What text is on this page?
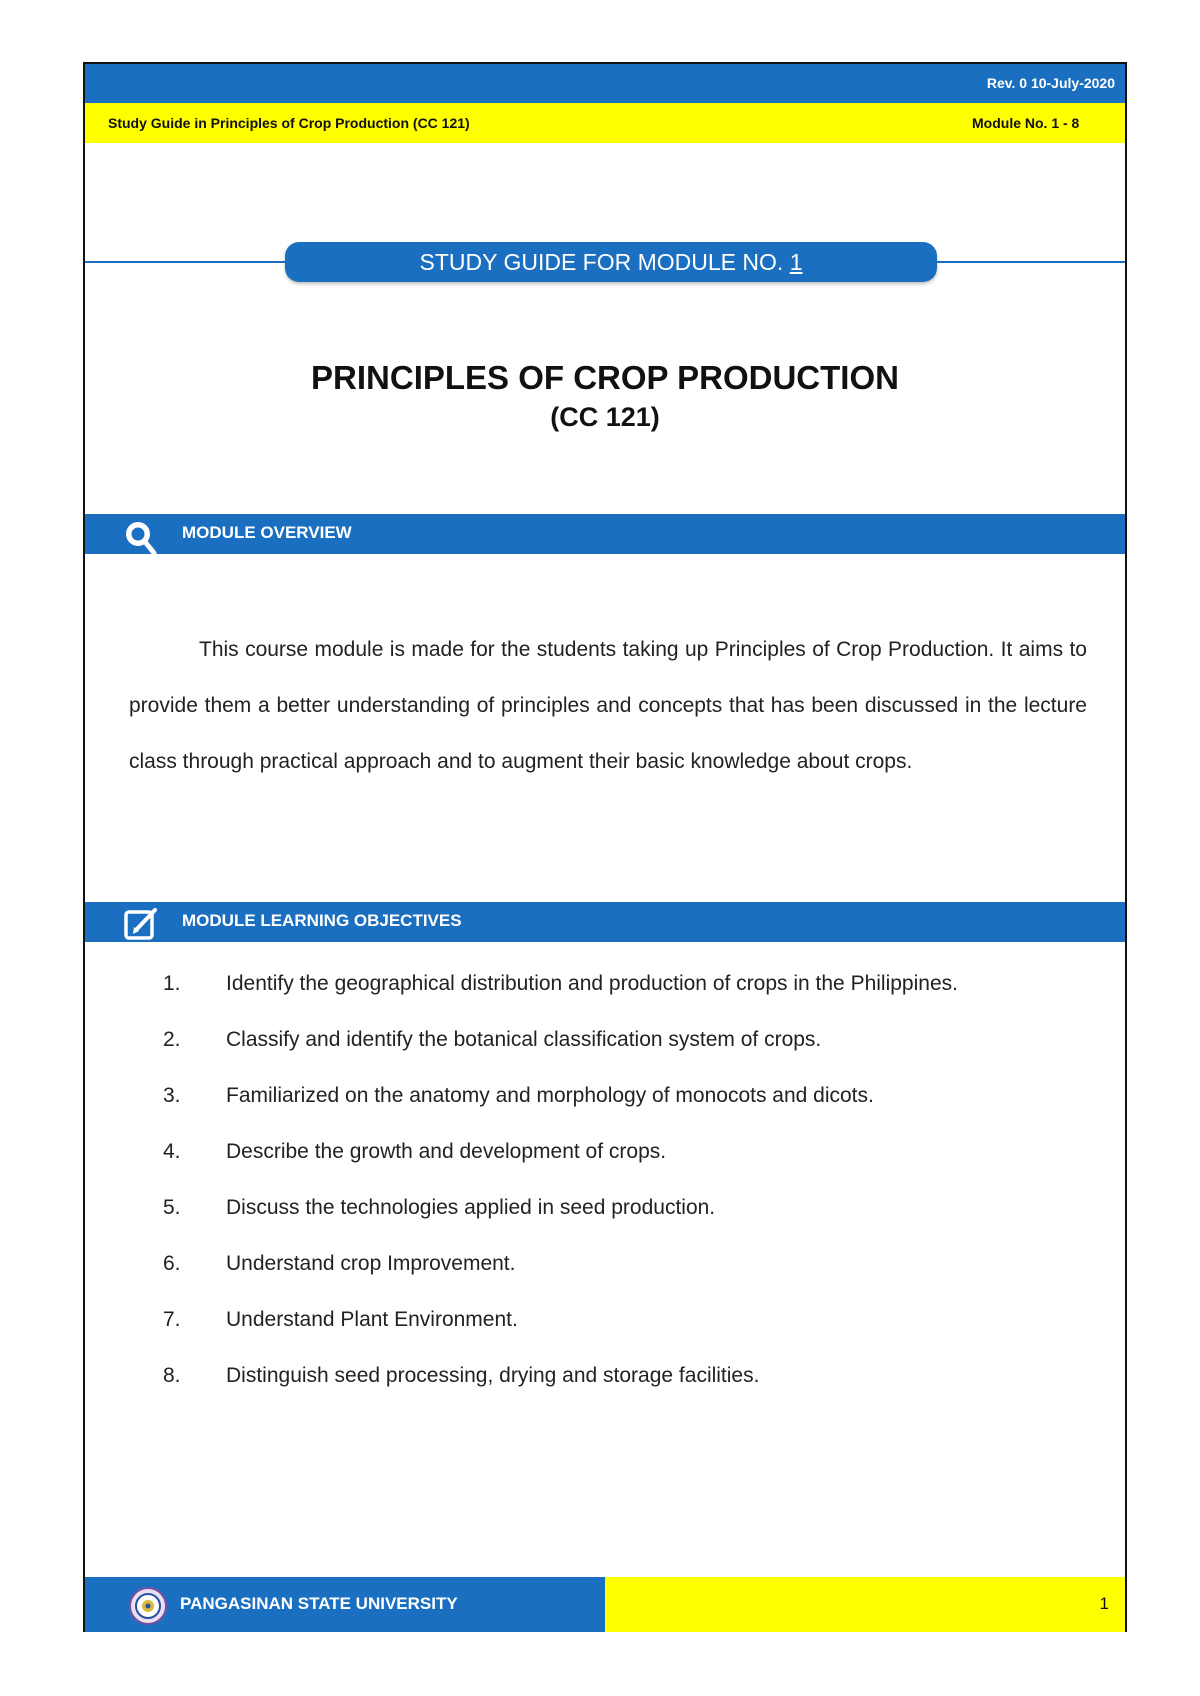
Rev. 0 10-July-2020
Study Guide in Principles of Crop Production (CC 121)	Module No. 1 - 8
STUDY GUIDE FOR MODULE NO. 1
PRINCIPLES OF CROP PRODUCTION
(CC 121)
MODULE OVERVIEW
This course module is made for the students taking up Principles of Crop Production. It aims to provide them a better understanding of principles and concepts that has been discussed in the lecture class through practical approach and to augment their basic knowledge about crops.
MODULE LEARNING OBJECTIVES
1. Identify the geographical distribution and production of crops in the Philippines.
2. Classify and identify the botanical classification system of crops.
3. Familiarized on the anatomy and morphology of monocots and dicots.
4. Describe the growth and development of crops.
5. Discuss the technologies applied in seed production.
6. Understand crop Improvement.
7. Understand Plant Environment.
8. Distinguish seed processing, drying and storage facilities.
PANGASINAN STATE UNIVERSITY	1
